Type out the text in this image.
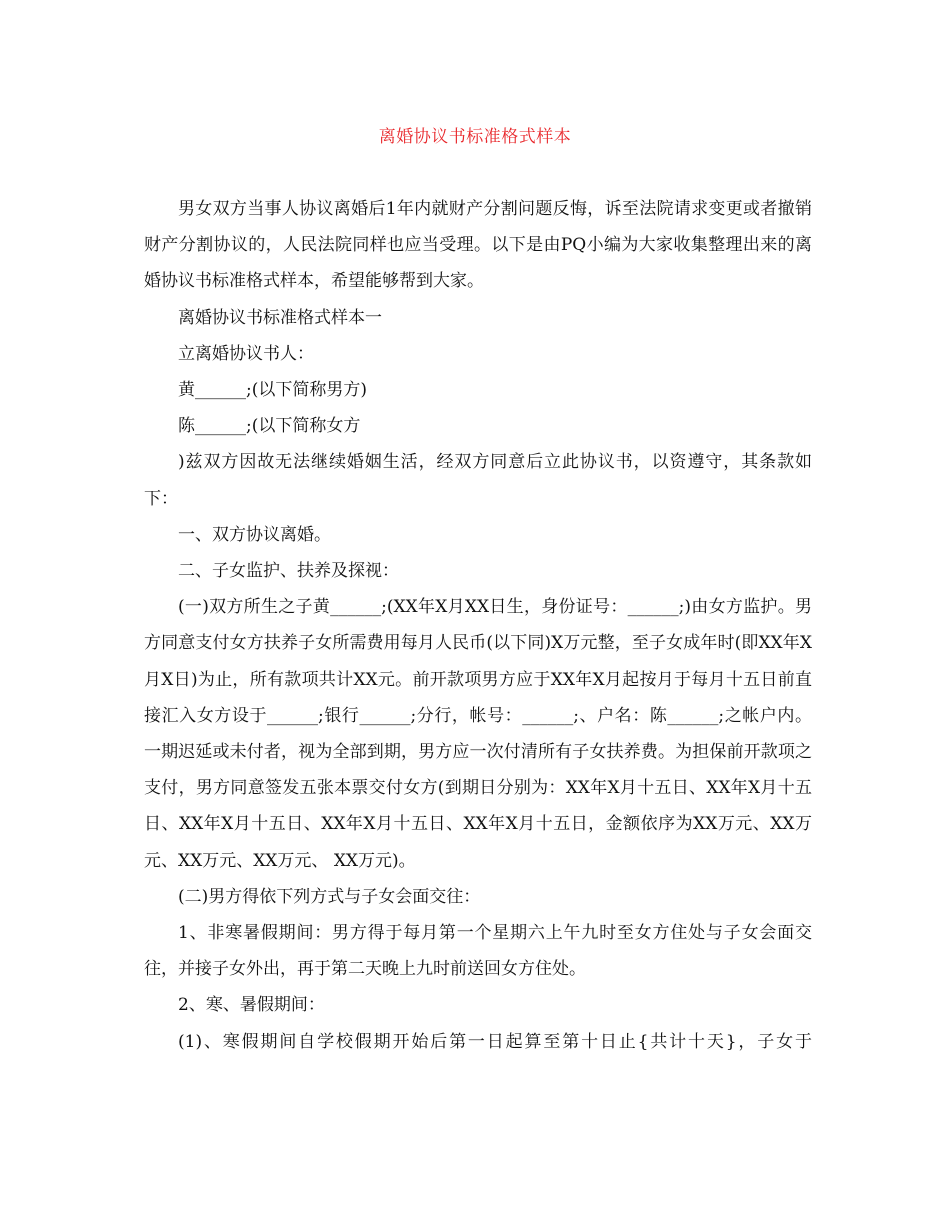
离婚协议书标准格式样本

男女双方当事人协议离婚后1年内就财产分割问题反悔，诉至法院请求变更或者撤销财产分割协议的，人民法院同样也应当受理。以下是由PQ小编为大家收集整理出来的离婚协议书标准格式样本，希望能够帮到大家。

离婚协议书标准格式样本一

立离婚协议书人：

黄______;(以下简称男方)

陈______;(以下简称女方

)兹双方因故无法继续婚姻生活，经双方同意后立此协议书，以资遵守，其条款如下：

一、双方协议离婚。

二、子女监护、扶养及探视：

(一)双方所生之子黄______;(XX年X月XX日生，身份证号：______;)由女方监护。男方同意支付女方扶养子女所需费用每月人民币(以下同)X万元整，至子女成年时(即XX年X月X日)为止，所有款项共计XX元。前开款项男方应于XX年X月起按月于每月十五日前直接汇入女方设于______;银行______;分行，帐号：______;、户名：陈______;之帐户内。一期迟延或未付者，视为全部到期，男方应一次付清所有子女扶养费。为担保前开款项之支付，男方同意签发五张本票交付女方(到期日分别为：XX年X月十五日、XX年X月十五日、XX年X月十五日、XX年X月十五日、XX年X月十五日，金额依序为XX万元、XX万元、XX万元、XX万元、 XX万元)。

(二)男方得依下列方式与子女会面交往：

1、非寒暑假期间：男方得于每月第一个星期六上午九时至女方住处与子女会面交往，并接子女外出，再于第二天晚上九时前送回女方住处。

2、寒、暑假期间：

(1)、寒假期间自学校假期开始后第一日起算至第十日止{共计十天}，子女于
